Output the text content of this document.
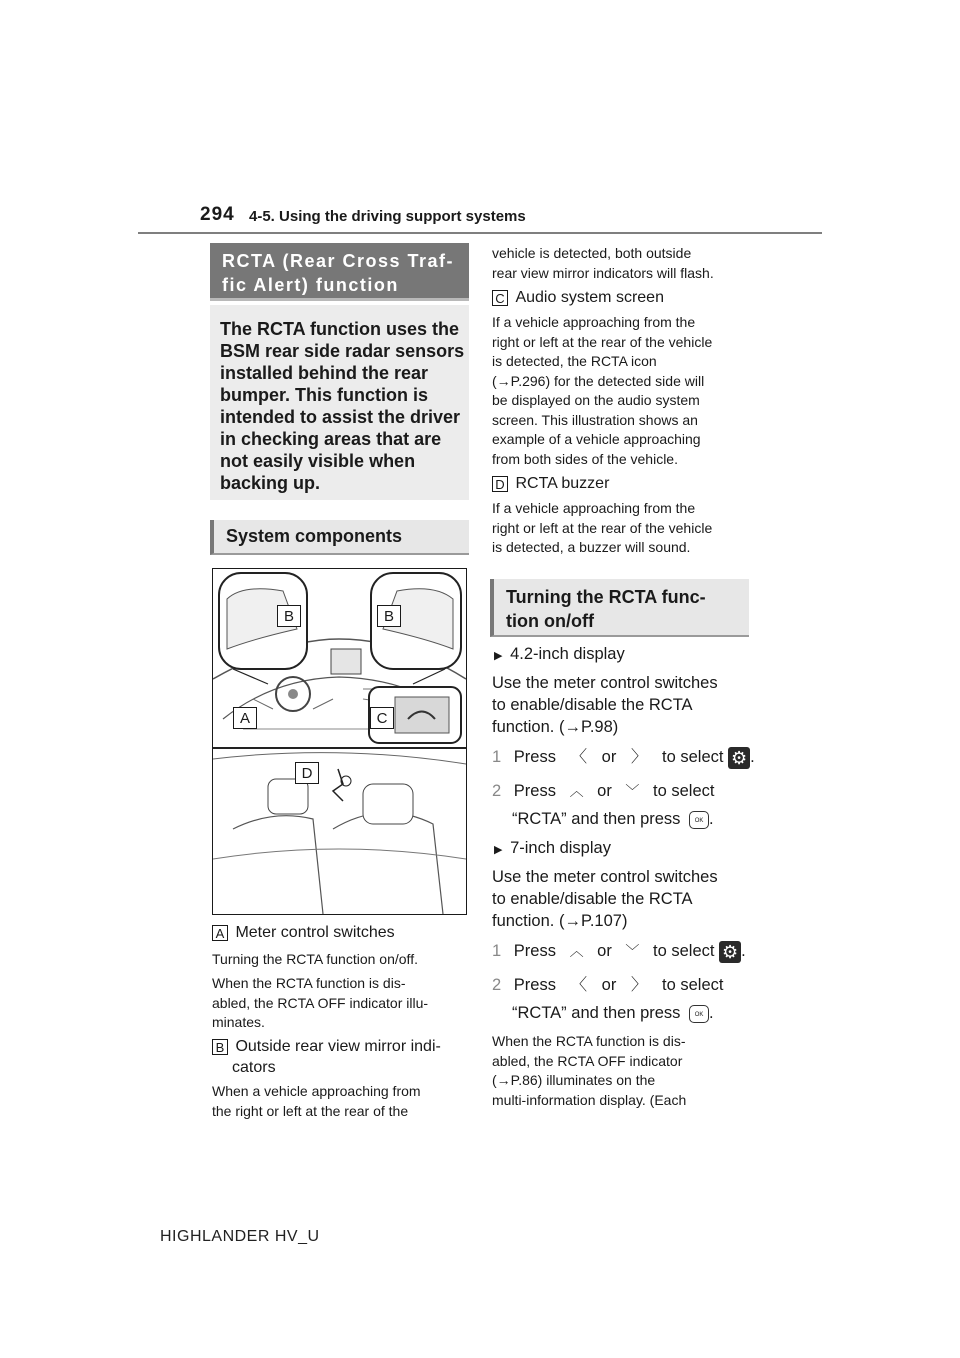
294 4-5. Using the driving support systems
RCTA (Rear Cross Traf-
fic Alert) function
The RCTA function uses the
BSM rear side radar sensors
installed behind the rear
bumper. This function is
intended to assist the driver
in checking areas that are
not easily visible when
backing up.
System components
B	B
A	C
D
A Meter control switches
Turning the RCTA function on/off.
When the RCTA function is dis-
abled, the RCTA OFF indicator illu-
minates.
B Outside rear view mirror indi-
cators
When a vehicle approaching from
the right or left at the rear of the
vehicle is detected, both outside
rear view mirror indicators will flash.
C Audio system screen
If a vehicle approaching from the
right or left at the rear of the vehicle
is detected, the RCTA icon
(→P.296) for the detected side will
be displayed on the audio system
screen. This illustration shows an
example of a vehicle approaching
from both sides of the vehicle.
D RCTA buzzer
If a vehicle approaching from the
right or left at the rear of the vehicle
is detected, a buzzer will sound.
Turning the RCTA func-
tion on/off
▶ 4.2-inch display
Use the meter control switches
to enable/disable the RCTA
function. (→P.98)
1 Press 〈 or 〉 to select ⚙ .
2 Press ︿ or ﹀ to select
“RCTA” and then press OK .
▶ 7-inch display
Use the meter control switches
to enable/disable the RCTA
function. (→P.107)
1 Press ︿ or ﹀ to select ⚙ .
2 Press 〈 or 〉 to select
“RCTA” and then press OK .
When the RCTA function is dis-
abled, the RCTA OFF indicator
(→P.86) illuminates on the
multi-information display. (Each
HIGHLANDER HV_U
